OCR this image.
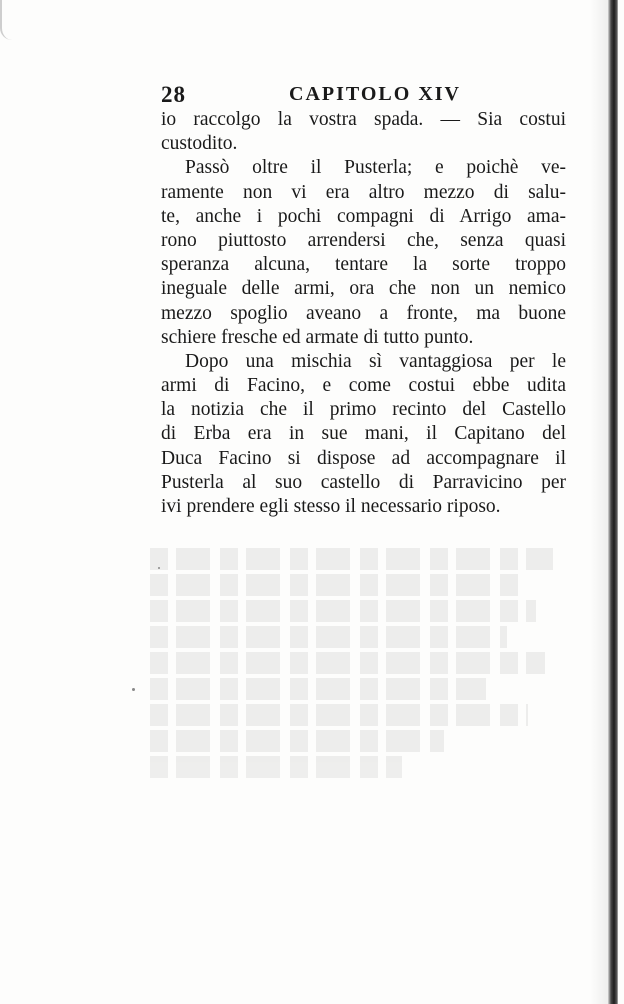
28	CAPITOLO XIV
io raccolgo la vostra spada. — Sia costui
custodito.
Passò oltre il Pusterla; e poichè ve-
ramente non vi era altro mezzo di salu-
te, anche i pochi compagni di Arrigo ama-
rono piuttosto arrendersi che, senza quasi
speranza alcuna, tentare la sorte troppo
ineguale delle armi, ora che non un nemico
mezzo spoglio aveano a fronte, ma buone
schiere fresche ed armate di tutto punto.
Dopo una mischia sì vantaggiosa per le
armi di Facino, e come costui ebbe udita
la notizia che il primo recinto del Castello
di Erba era in sue mani, il Capitano del
Duca Facino si dispose ad accompagnare il
Pusterla al suo castello di Parravicino per
ivi prendere egli stesso il necessario riposo.
